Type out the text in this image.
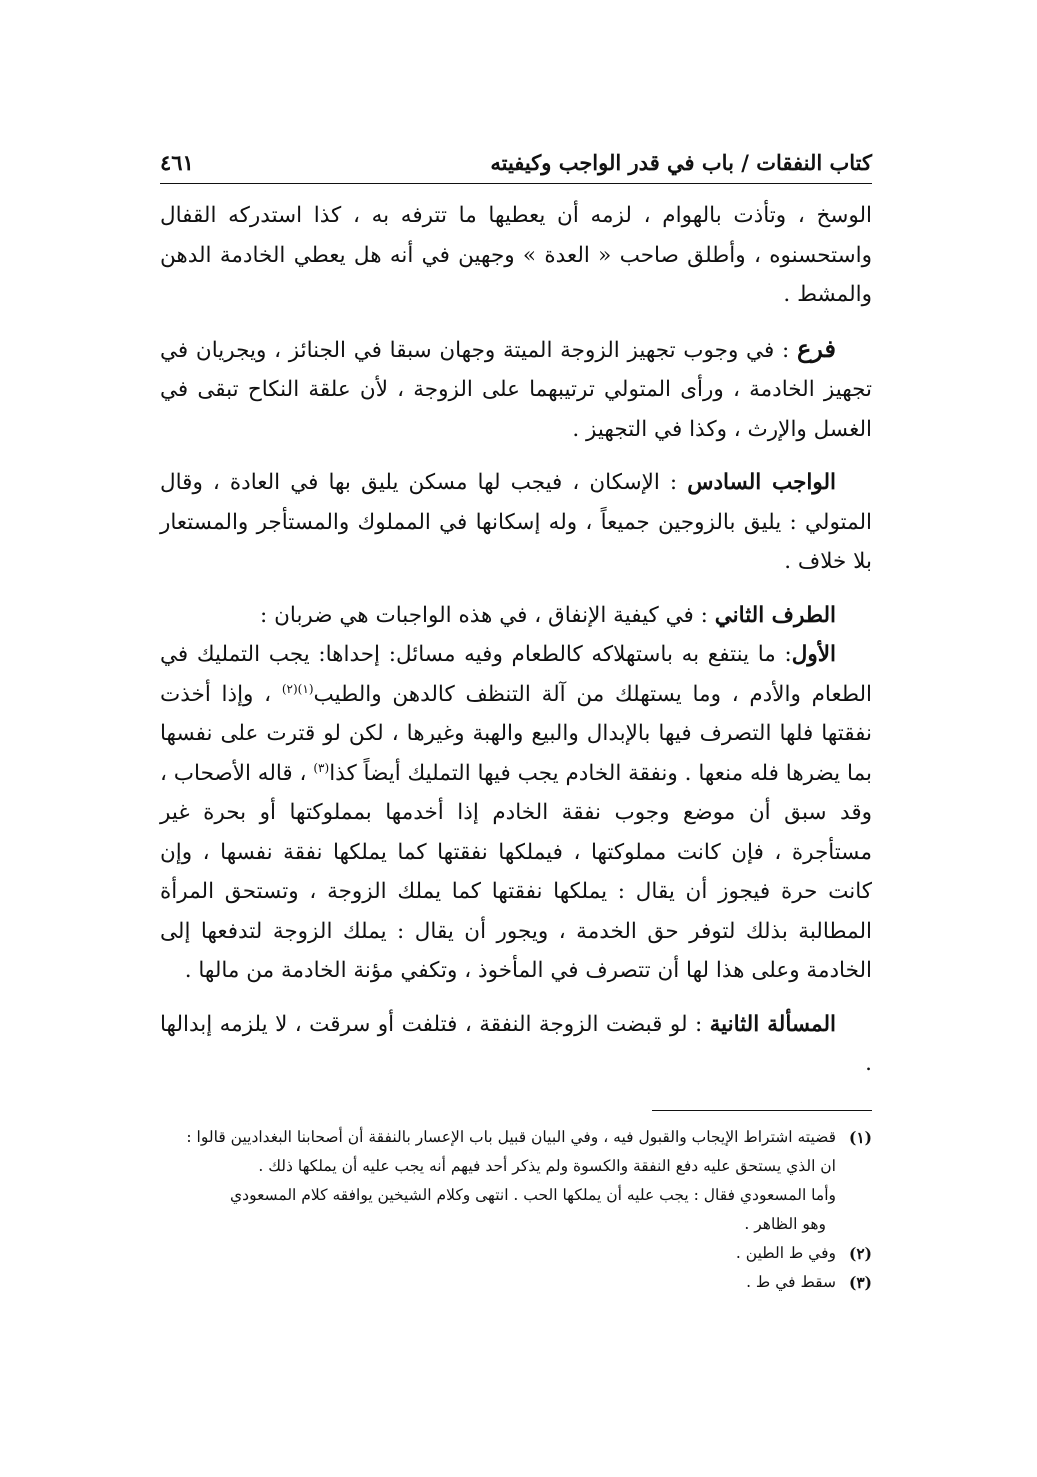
كتاب النفقات / باب في قدر الواجب وكيفيته
٤٦١

الوسخ ، وتأذت بالهوام ، لزمه أن يعطيها ما تترفه به ، كذا استدركه القفال واستحسنوه ، وأطلق صاحب « العدة » وجهين في أنه هل يعطي الخادمة الدهن والمشط .

فرع : في وجوب تجهيز الزوجة الميتة وجهان سبقا في الجنائز ، ويجريان في تجهيز الخادمة ، ورأى المتولي ترتيبهما على الزوجة ، لأن علقة النكاح تبقى في الغسل والإرث ، وكذا في التجهيز .

الواجب السادس : الإسكان ، فيجب لها مسكن يليق بها في العادة ، وقال المتولي : يليق بالزوجين جميعاً ، وله إسكانها في المملوك والمستأجر والمستعار بلا خلاف .

الطرف الثاني : في كيفية الإنفاق ، في هذه الواجبات هي ضربان :

الأول: ما ينتفع به باستهلاكه كالطعام وفيه مسائل: إحداها: يجب التمليك في الطعام والأدم ، وما يستهلك من آلة التنظف كالدهن والطيب$^{(١)(٢)}$ ، وإذا أخذت نفقتها فلها التصرف فيها بالإبدال والبيع والهبة وغيرها ، لكن لو قترت على نفسها بما يضرها فله منعها . ونفقة الخادم يجب فيها التمليك أيضاً كذا$^{(٣)}$ ، قاله الأصحاب ، وقد سبق أن موضع وجوب نفقة الخادم إذا أخدمها بمملوكتها أو بحرة غير مستأجرة ، فإن كانت مملوكتها ، فيملكها نفقتها كما يملكها نفقة نفسها ، وإن كانت حرة فيجوز أن يقال : يملكها نفقتها كما يملك الزوجة ، وتستحق المرأة المطالبة بذلك لتوفر حق الخدمة ، ويجور أن يقال : يملك الزوجة لتدفعها إلى الخادمة وعلى هذا لها أن تتصرف في المأخوذ ، وتكفي مؤنة الخادمة من مالها .

المسألة الثانية : لو قبضت الزوجة النفقة ، فتلفت أو سرقت ، لا يلزمه إبدالها .

(١)
قضيته اشتراط الإيجاب والقبول فيه ، وفي البيان قبيل باب الإعسار بالنفقة أن أصحابنا البغداديين قالوا :
ان الذي يستحق عليه دفع النفقة والكسوة ولم يذكر أحد فيهم أنه يجب عليه أن يملكها ذلك .
وأما المسعودي فقال : يجب عليه أن يملكها الحب . انتهى وكلام الشيخين يوافقه كلام المسعودي
وهو الظاهر .
(٢)
وفي ط الطين .
(٣)
سقط في ط .
